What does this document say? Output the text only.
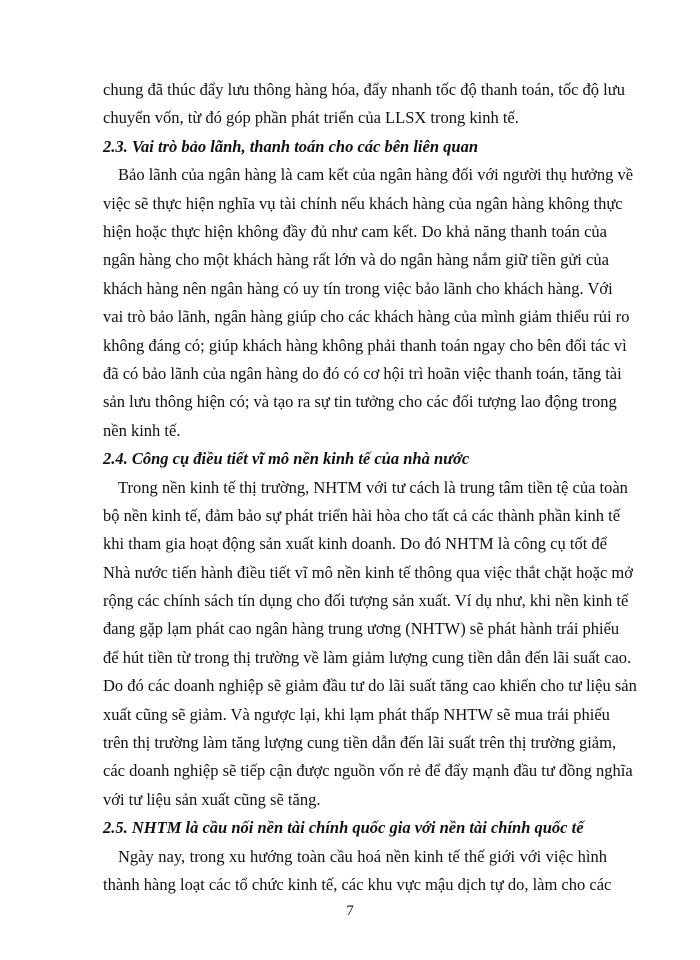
chung đã thúc đẩy lưu thông hàng hóa, đẩy nhanh tốc độ thanh toán, tốc độ lưu
chuyển vốn, từ đó góp phần phát triển của LLSX trong kinh tế.
2.3. Vai trò bảo lãnh, thanh toán cho các bên liên quan
Bảo lãnh của ngân hàng là cam kết của ngân hàng đối với người thụ hưởng về
việc sẽ thực hiện nghĩa vụ tài chính nếu khách hàng của ngân hàng không thực
hiện hoặc thực hiện không đầy đủ như cam kết. Do khả năng thanh toán của
ngân hàng cho một khách hàng rất lớn và do ngân hàng nắm giữ tiền gửi của
khách hàng nên ngân hàng có uy tín trong việc bảo lãnh cho khách hàng. Với
vai trò bảo lãnh, ngân hàng giúp cho các khách hàng của mình giảm thiểu rủi ro
không đáng có; giúp khách hàng không phải thanh toán ngay cho bên đối tác vì
đã có bảo lãnh của ngân hàng do đó có cơ hội trì hoãn việc thanh toán, tăng tài
sản lưu thông hiện có; và tạo ra sự tin tưởng cho các đối tượng lao động trong
nền kinh tế.
2.4. Công cụ điều tiết vĩ mô nền kinh tế của nhà nước
Trong nền kinh tế thị trường, NHTM với tư cách là trung tâm tiền tệ của toàn
bộ nền kinh tế, đảm bảo sự phát triển hài hòa cho tất cả các thành phần kinh tế
khi tham gia hoạt động sản xuất kinh doanh. Do đó NHTM là công cụ tốt để
Nhà nước tiến hành điều tiết vĩ mô nền kinh tế thông qua việc thắt chặt hoặc mở
rộng các chính sách tín dụng cho đối tượng sản xuất. Ví dụ như, khi nền kinh tế
đang gặp lạm phát cao ngân hàng trung ương (NHTW) sẽ phát hành trái phiếu
để hút tiền từ trong thị trường về làm giảm lượng cung tiền dẫn đến lãi suất cao.
Do đó các doanh nghiệp sẽ giảm đầu tư do lãi suất tăng cao khiến cho tư liệu sản
xuất cũng sẽ giảm. Và ngược lại, khi lạm phát thấp NHTW sẽ mua trái phiếu
trên thị trường làm tăng lượng cung tiền dẫn đến lãi suất trên thị trường giảm,
các doanh nghiệp sẽ tiếp cận được nguồn vốn rẻ để đẩy mạnh đầu tư đồng nghĩa
với tư liệu sản xuất cũng sẽ tăng.
2.5. NHTM là cầu nối nền tài chính quốc gia với nền tài chính quốc tế
Ngày nay, trong xu hướng toàn cầu hoá nền kinh tế thế giới với việc hình
thành hàng loạt các tổ chức kinh tế, các khu vực mậu dịch tự do, làm cho các
7
